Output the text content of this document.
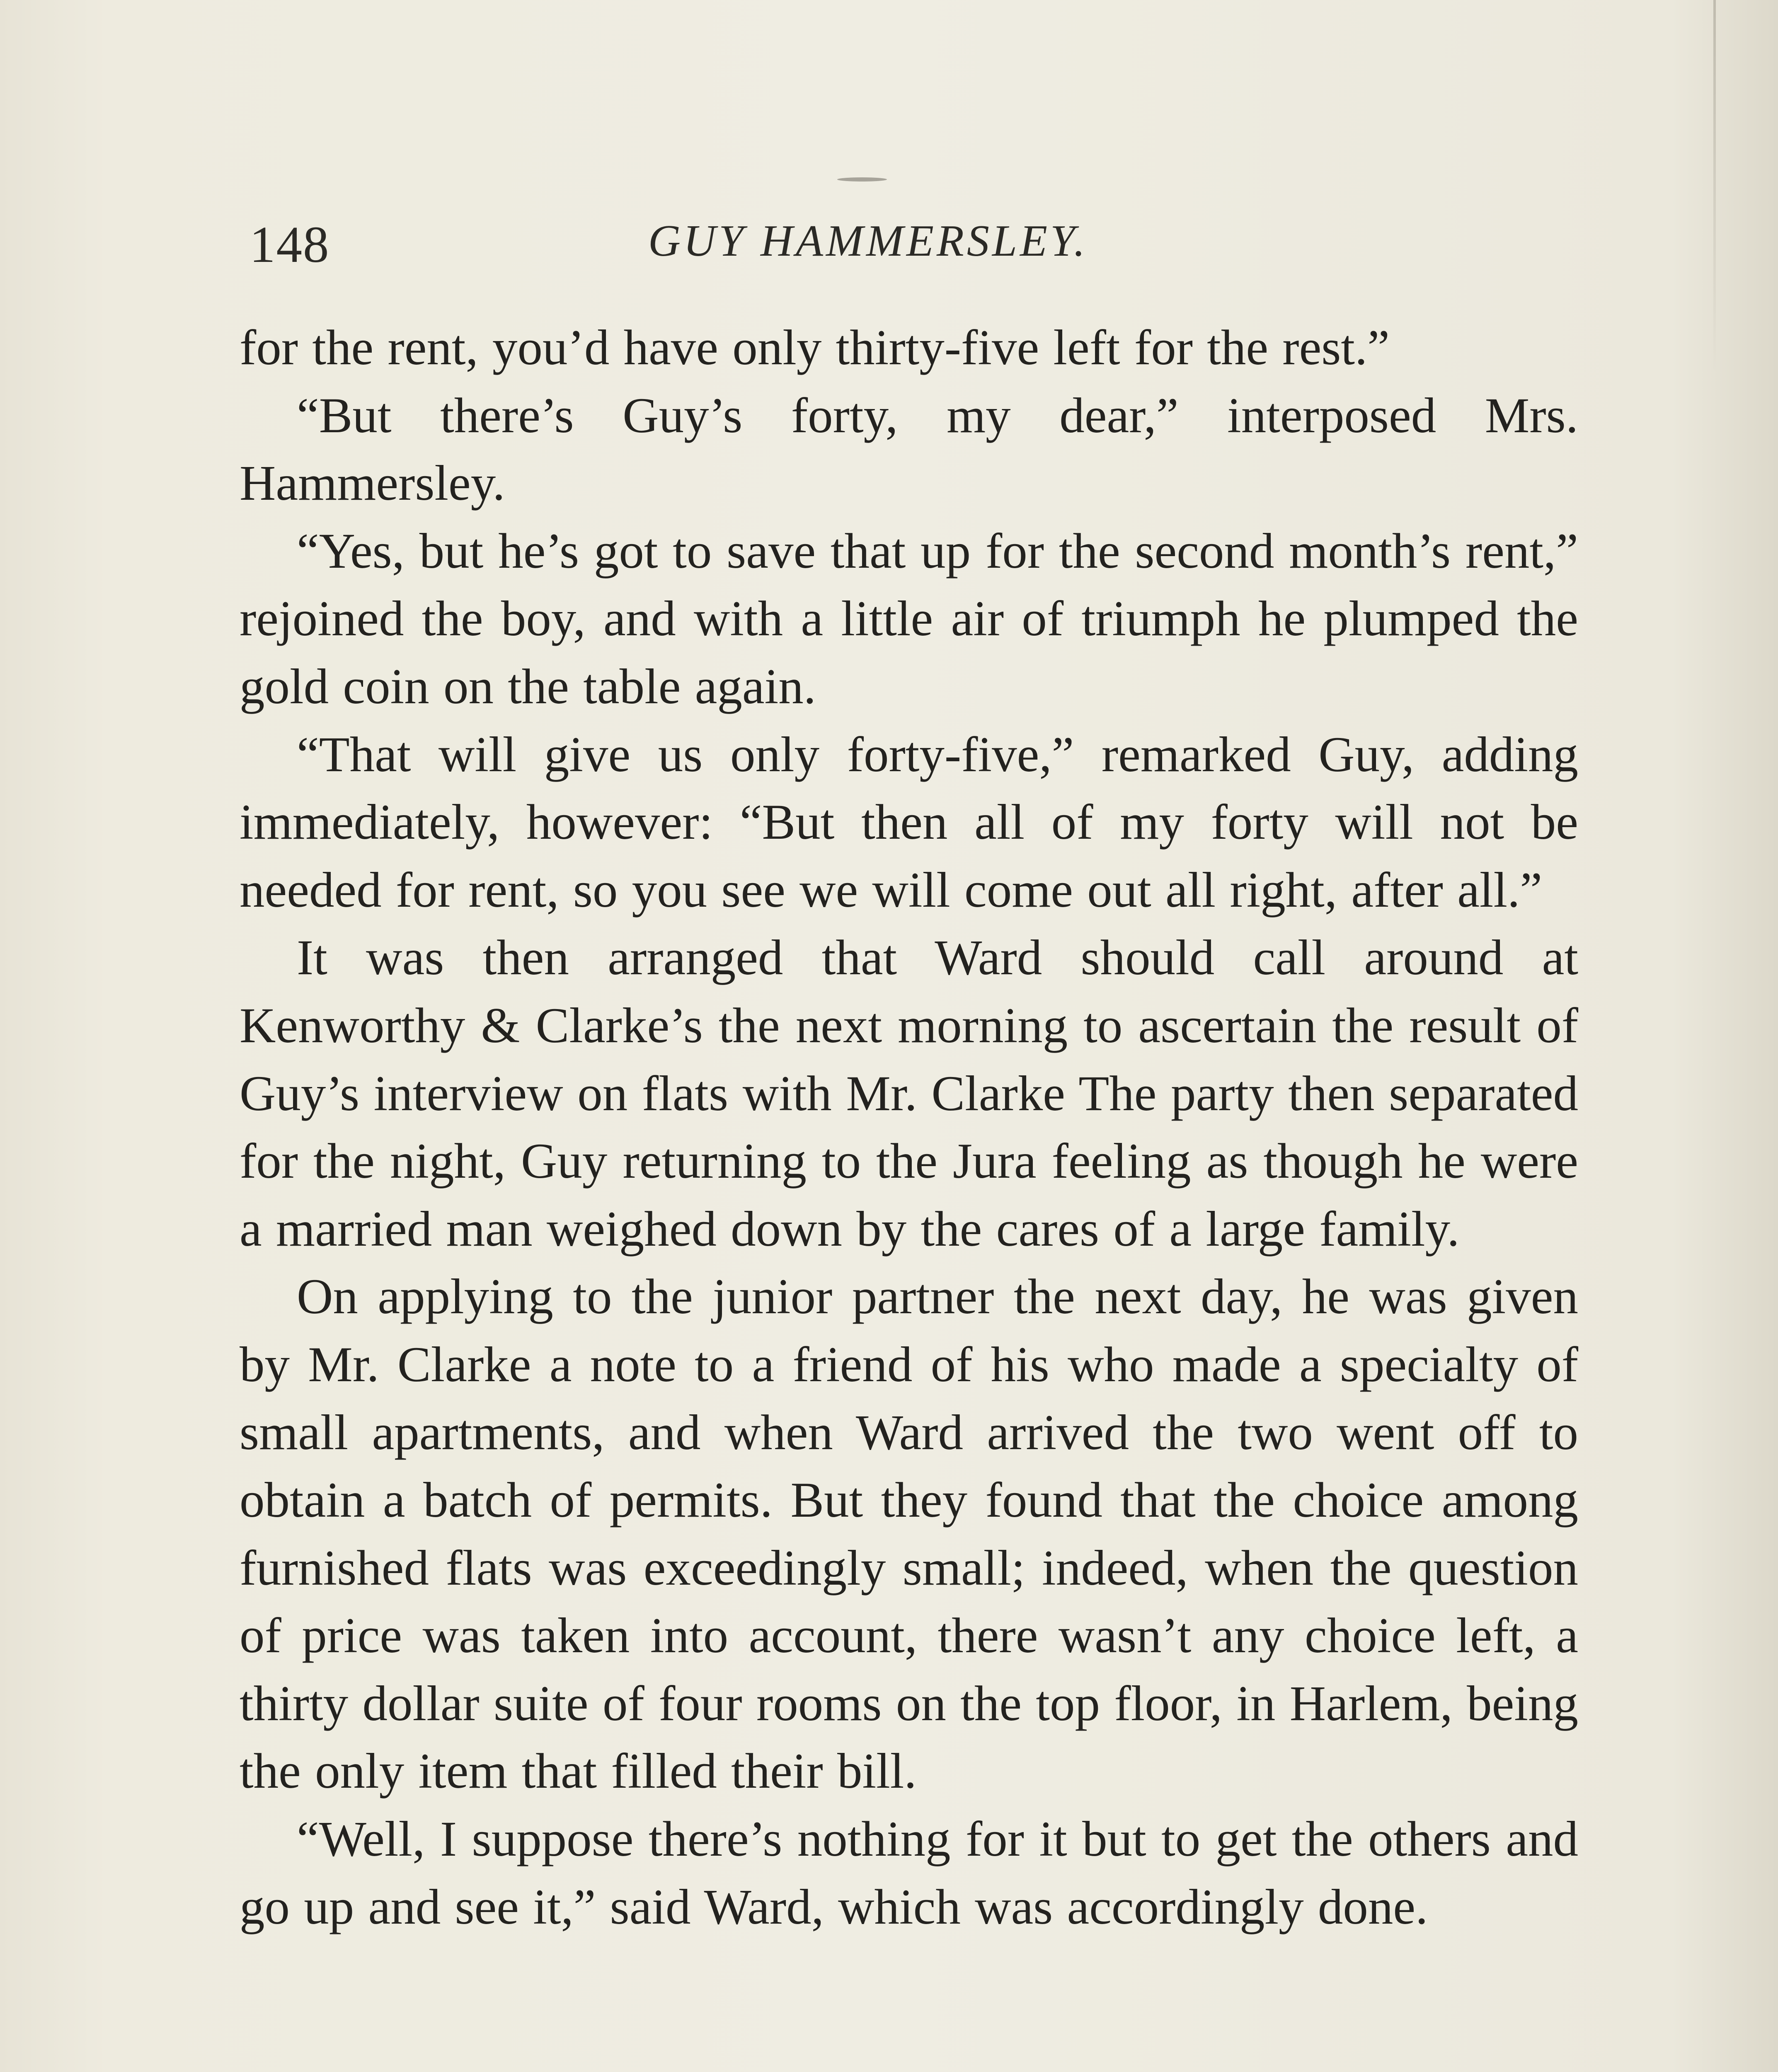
148	GUY HAMMERSLEY.

for the rent, you’d have only thirty-five left for the rest.”

“But there’s Guy’s forty, my dear,” interposed Mrs. Hammersley.

“Yes, but he’s got to save that up for the second month’s rent,” rejoined the boy, and with a little air of triumph he plumped the gold coin on the table again.

“That will give us only forty-five,” remarked Guy, adding immediately, however: “But then all of my forty will not be needed for rent, so you see we will come out all right, after all.”

It was then arranged that Ward should call around at Kenworthy & Clarke’s the next morning to ascertain the result of Guy’s interview on flats with Mr. Clarke The party then separated for the night, Guy returning to the Jura feeling as though he were a married man weighed down by the cares of a large family.

On applying to the junior partner the next day, he was given by Mr. Clarke a note to a friend of his who made a specialty of small apartments, and when Ward arrived the two went off to obtain a batch of permits. But they found that the choice among furnished flats was exceedingly small; indeed, when the question of price was taken into account, there wasn’t any choice left, a thirty dollar suite of four rooms on the top floor, in Harlem, being the only item that filled their bill.

“Well, I suppose there’s nothing for it but to get the others and go up and see it,” said Ward, which was accordingly done.
